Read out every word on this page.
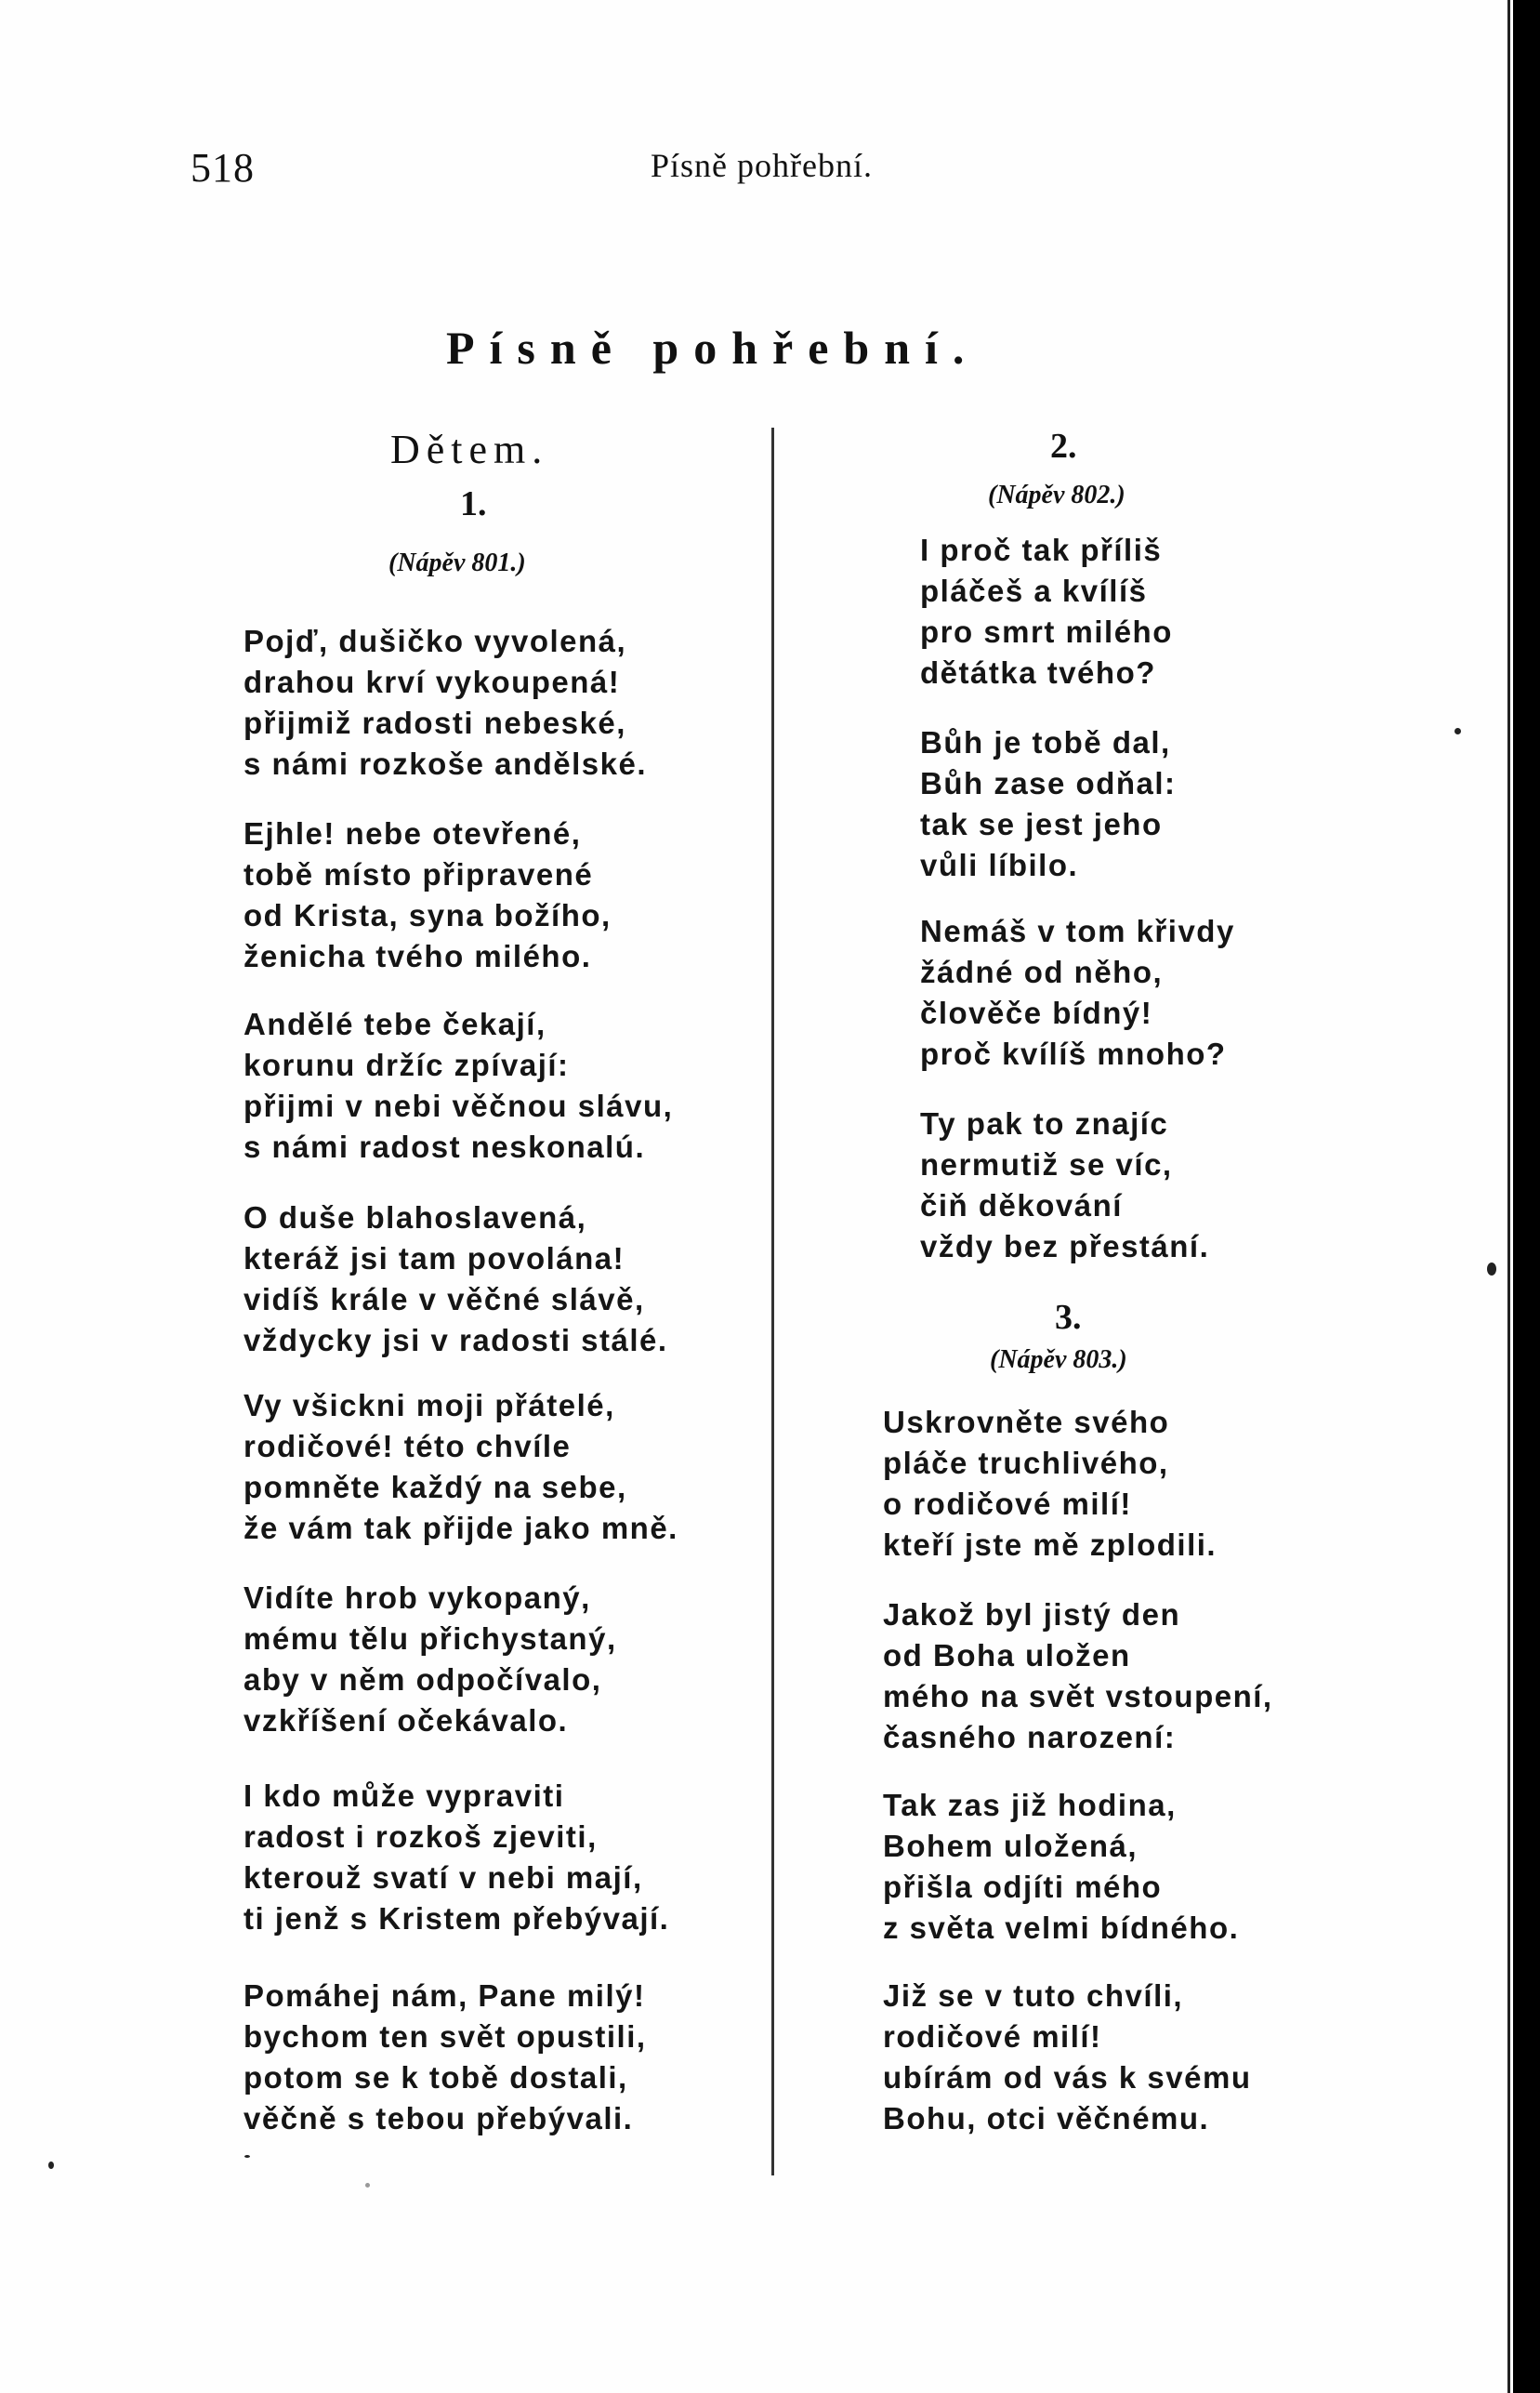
518	Písně pohřební.
Písně pohřební.
Dětem.
1.
(Nápěv 801.)
Pojď, dušičko vyvolená,
drahou krví vykoupená!
přijmiž radosti nebeské,
s námi rozkoše andělské.
Ejhle! nebe otevřené,
tobě místo připravené
od Krista, syna božího,
ženicha tvého milého.
Andělé tebe čekají,
korunu držíc zpívají:
přijmi v nebi věčnou slávu,
s námi radost neskonalú.
O duše blahoslavená,
kteráž jsi tam povolána!
vidíš krále v věčné slávě,
vždycky jsi v radosti stálé.
Vy všickni moji přátelé,
rodičové! této chvíle
pomněte každý na sebe,
že vám tak přijde jako mně.
Vidíte hrob vykopaný,
mému tělu přichystaný,
aby v něm odpočívalo,
vzkříšení očekávalo.
I kdo může vypraviti
radost i rozkoš zjeviti,
kterouž svatí v nebi mají,
ti jenž s Kristem přebývají.
Pomáhej nám, Pane milý!
bychom ten svět opustili,
potom se k tobě dostali,
věčně s tebou přebývali.
2.
(Nápěv 802.)
I proč tak příliš
pláčeš a kvílíš
pro smrt milého
dětátka tvého?
Bůh je tobě dal,
Bůh zase odňal:
tak se jest jeho
vůli líbilo.
Nemáš v tom křivdy
žádné od něho,
člověče bídný!
proč kvílíš mnoho?
Ty pak to znajíc
nermutiž se víc,
čiň děkování
vždy bez přestání.
3.
(Nápěv 803.)
Uskrovněte svého
pláče truchlivého,
o rodičové milí!
kteří jste mě zplodili.
Jakož byl jistý den
od Boha uložen
mého na svět vstoupení,
časného narození:
Tak zas již hodina,
Bohem uložená,
přišla odjíti mého
z světa velmi bídného.
Již se v tuto chvíli,
rodičové milí!
ubírám od vás k svému
Bohu, otci věčnému.
